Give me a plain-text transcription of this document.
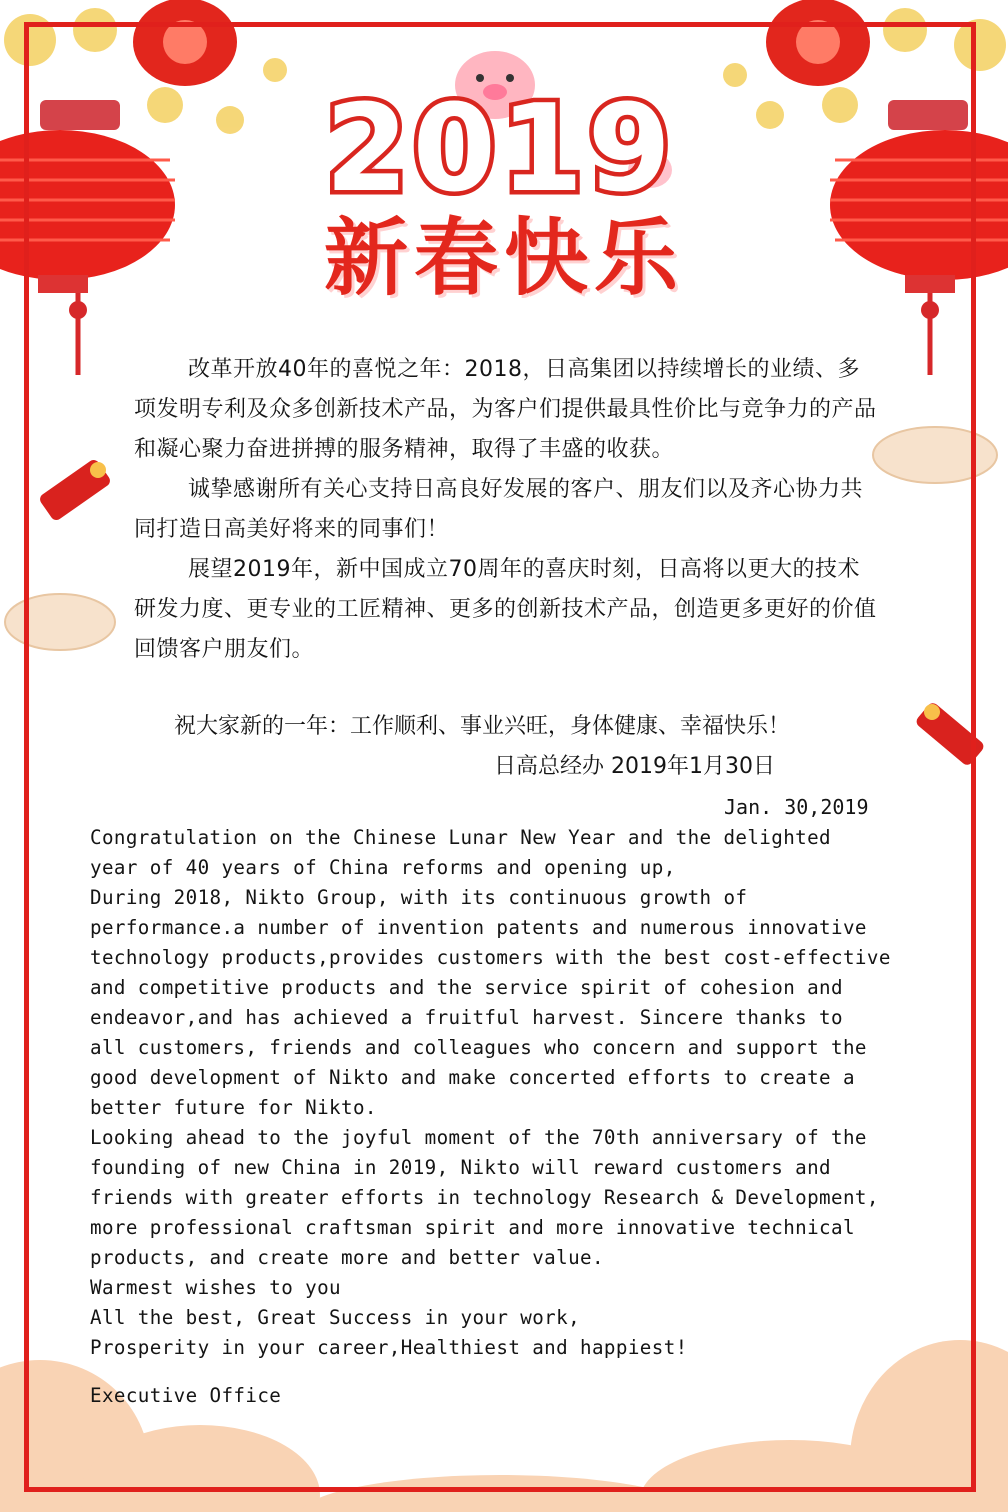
2019
新春快乐

改革开放40年的喜悦之年：2018，日高集团以持续增长的业绩、多项发明专利及众多创新技术产品，为客户们提供最具性价比与竞争力的产品和凝心聚力奋进拼搏的服务精神，取得了丰盛的收获。

诚挚感谢所有关心支持日高良好发展的客户、朋友们以及齐心协力共同打造日高美好将来的同事们！

展望2019年，新中国成立70周年的喜庆时刻，日高将以更大的技术研发力度、更专业的工匠精神、更多的创新技术产品，创造更多更好的价值回馈客户朋友们。

祝大家新的一年：工作顺利、事业兴旺，身体健康、幸福快乐！
日高总经办 2019年1月30日
Jan. 30,2019
Congratulation on the Chinese Lunar New Year and the delighted
year of 40 years of China reforms and opening up,
During 2018, Nikto Group, with its continuous growth of
performance.a number of invention patents and numerous innovative
technology products,provides customers with the best cost-effective
and competitive products and the service spirit of cohesion and
endeavor,and has achieved a fruitful harvest. Sincere thanks to
all customers, friends and colleagues who concern and support the
good development of Nikto and make concerted efforts to create a
better future for Nikto.
Looking ahead to the joyful moment of the 70th anniversary of the
founding of new China in 2019, Nikto will reward customers and
friends with greater efforts in technology Research & Development,
more professional craftsman spirit and more innovative technical
products, and create more and better value.
Warmest wishes to you
All the best, Great Success in your work,
Prosperity in your career,Healthiest and happiest!
Executive Office
